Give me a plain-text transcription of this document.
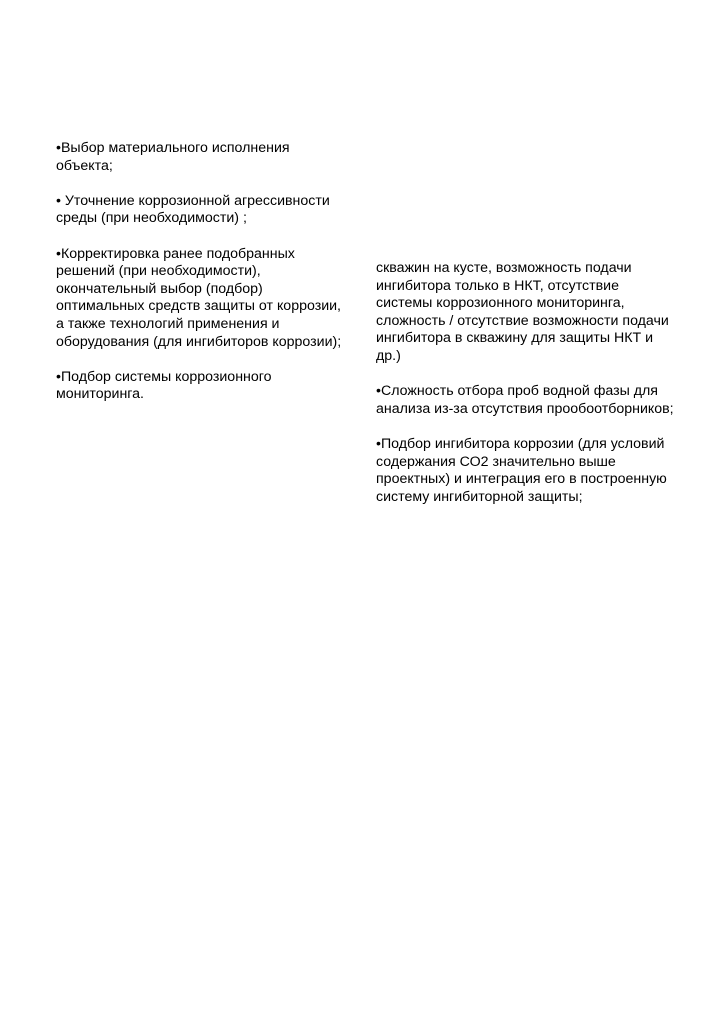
•Выбор материального исполнения
объекта;

• Уточнение коррозионной агрессивности
среды (при необходимости) ;

•Корректировка ранее подобранных
решений (при необходимости),
окончательный выбор (подбор)
оптимальных средств защиты от коррозии,
а также технологий применения и
оборудования (для ингибиторов коррозии);

•Подбор системы коррозионного
мониторинга.

скважин на кусте, возможность подачи
ингибитора только в НКТ, отсутствие
системы коррозионного мониторинга,
сложность / отсутствие возможности подачи
ингибитора в скважину для защиты НКТ и
др.)

•Сложность отбора проб водной фазы для
анализа из-за отсутствия прообоотборников;

•Подбор ингибитора коррозии (для условий
содержания СО2 значительно выше
проектных) и интеграция его в построенную
систему ингибиторной защиты;
